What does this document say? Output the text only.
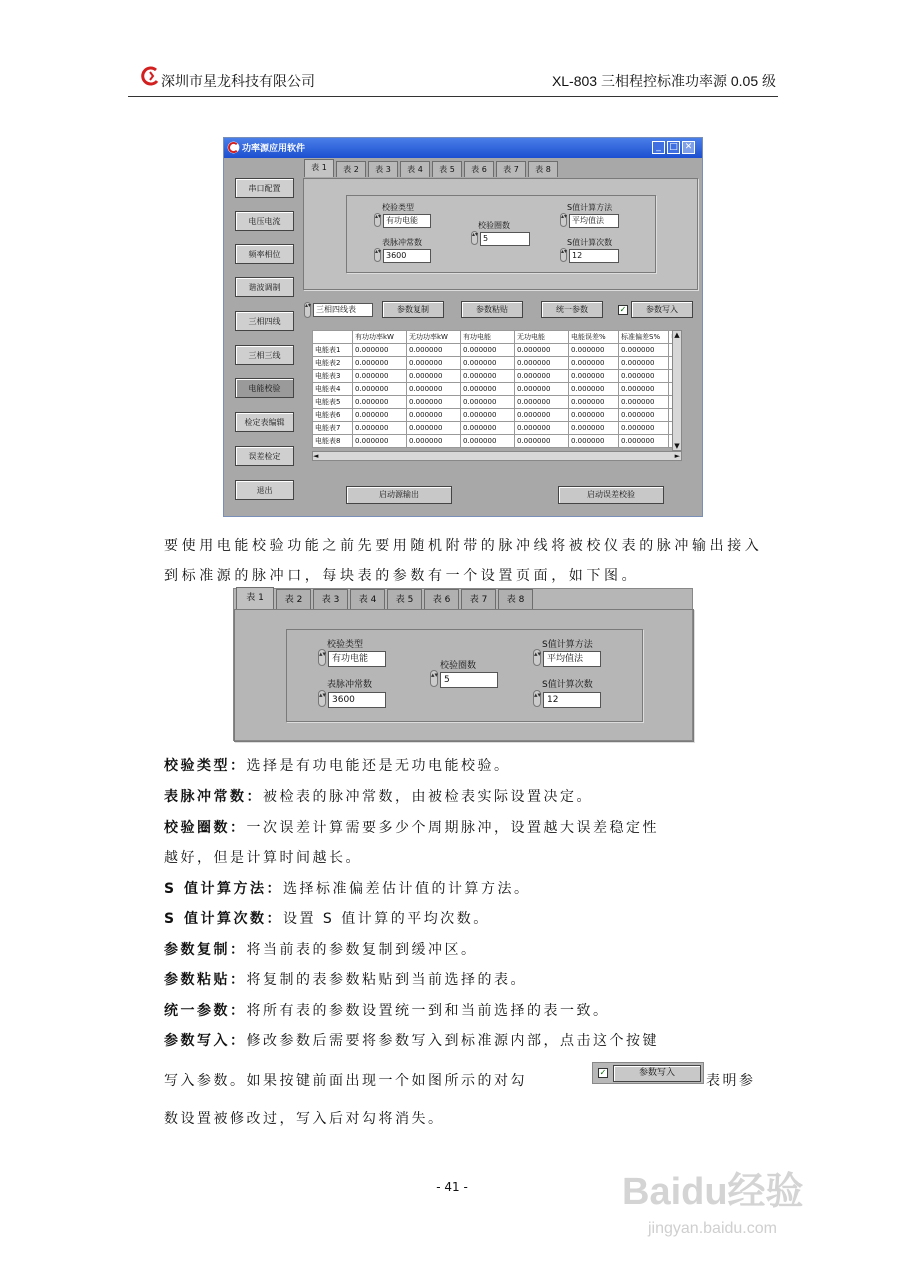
深圳市星龙科技有限公司	XL-803 三相程控标准功率源 0.05 级
功率源应用软件	_ □ ✕
串口配置
电压电流
频率相位
谐波调制
三相四线
三相三线
电能校验
检定表编辑
误差检定
退出
表 1	表 2	表 3	表 4	表 5	表 6	表 7	表 8
校验类型
▴▾ 有功电能
表脉冲常数
▴▾ 3600
校验圈数
▴▾ 5
S值计算方法
▴▾ 平均值法
S值计算次数
▴▾ 12
▴▾ 三相四线表	参数复制	参数粘贴	统一参数	✓	参数写入
	有功功率kW	无功功率kW	有功电能	无功电能	电能误差%	标准偏差S%	
电能表1	0.000000	0.000000	0.000000	0.000000	0.000000	0.000000	
电能表2	0.000000	0.000000	0.000000	0.000000	0.000000	0.000000	
电能表3	0.000000	0.000000	0.000000	0.000000	0.000000	0.000000	
电能表4	0.000000	0.000000	0.000000	0.000000	0.000000	0.000000	
电能表5	0.000000	0.000000	0.000000	0.000000	0.000000	0.000000	
电能表6	0.000000	0.000000	0.000000	0.000000	0.000000	0.000000	
电能表7	0.000000	0.000000	0.000000	0.000000	0.000000	0.000000	
电能表8	0.000000	0.000000	0.000000	0.000000	0.000000	0.000000	
▲
▼
◄	►
启动源输出	启动误差校验
要使用电能校验功能之前先要用随机附带的脉冲线将被校仪表的脉冲输出接入到标准源的脉冲口，每块表的参数有一个设置页面，如下图。
表 1	表 2	表 3	表 4	表 5	表 6	表 7	表 8
校验类型
▴▾ 有功电能
表脉冲常数
▴▾ 3600
校验圈数
▴▾ 5
S值计算方法
▴▾ 平均值法
S值计算次数
▴▾ 12
校验类型：选择是有功电能还是无功电能校验。
表脉冲常数：被检表的脉冲常数，由被检表实际设置决定。
校验圈数：一次误差计算需要多少个周期脉冲，设置越大误差稳定性
越好，但是计算时间越长。
S 值计算方法：选择标准偏差估计值的计算方法。
S 值计算次数：设置 S 值计算的平均次数。
参数复制：将当前表的参数复制到缓冲区。
参数粘贴：将复制的表参数粘贴到当前选择的表。
统一参数：将所有表的参数设置统一到和当前选择的表一致。
参数写入：修改参数后需要将参数写入到标准源内部，点击这个按键
写入参数。如果按键前面出现一个如图所示的对勾
✓	参数写入	表明参
数设置被修改过，写入后对勾将消失。
- 41 -	Baidu经验
jingyan.baidu.com
